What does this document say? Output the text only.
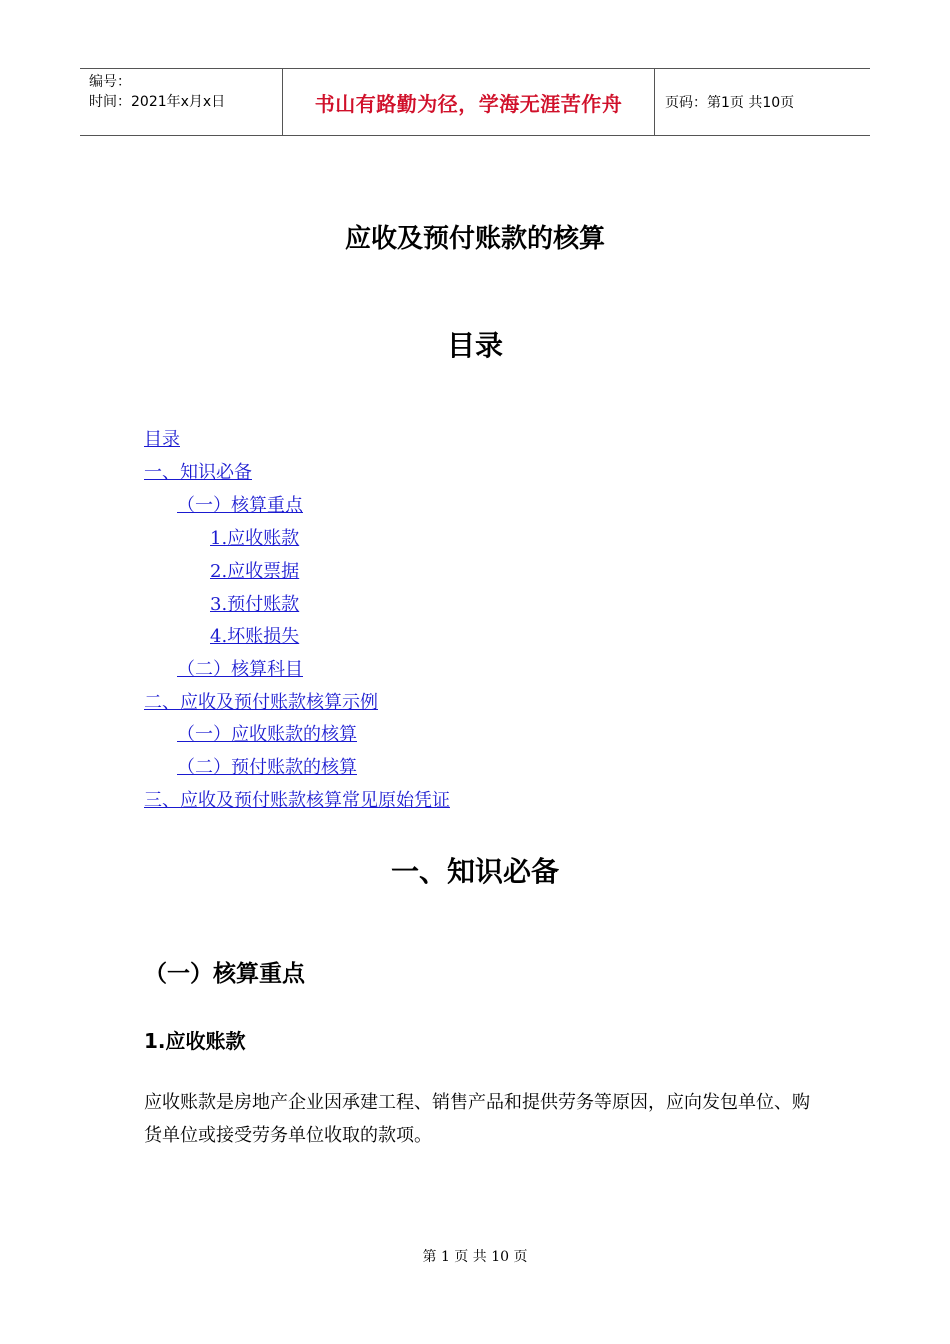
编号：
时间：2021年x月x日	书山有路勤为径，学海无涯苦作舟	页码：第1页 共10页
应收及预付账款的核算
目录
目录
一、知识必备
（一）核算重点
1.应收账款
2.应收票据
3.预付账款
4.坏账损失
（二）核算科目
二、应收及预付账款核算示例
（一）应收账款的核算
（二）预付账款的核算
三、应收及预付账款核算常见原始凭证
一、知识必备
（一）核算重点
1.应收账款
应收账款是房地产企业因承建工程、销售产品和提供劳务等原因，应向发包单位、购货单位或接受劳务单位收取的款项。
第 1 页 共 10 页
